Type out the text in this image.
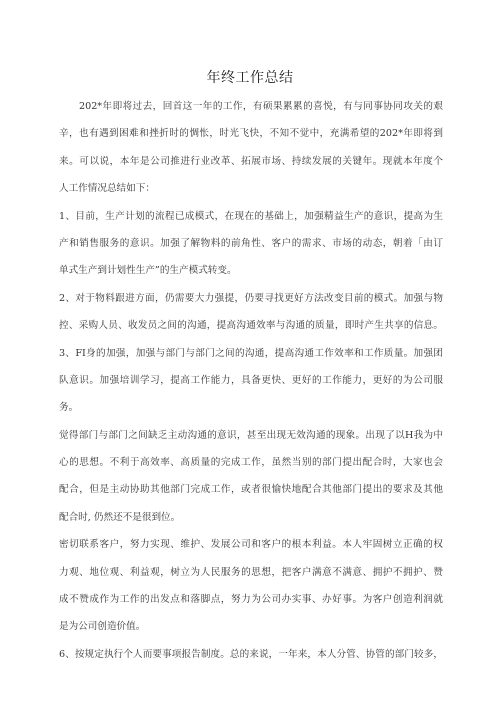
年终工作总结
202*年即将过去，回首这一年的工作，有硕果累累的喜悦，有与同事协同攻关的艰
辛，也有遇到困难和挫折时的惆怅，时光飞快，不知不觉中，充满希望的202*年即将到
来。可以说，本年是公司推进行业改革、拓展市场、持续发展的关键年。现就本年度个
人工作情况总结如下：
1、目前，生产计划的流程已成模式，在现在的基础上，加强精益生产的意识，提高为生
产和销售服务的意识。加强了解物料的前角性、客户的需求、市场的动态，朝着「由订
单式生产到计划性生产”的生产模式转变。
2、对于物料跟进方面，仍需要大力强提，仍要寻找更好方法改变目前的模式。加强与物
控、采购人员、收发员之间的沟通，提高沟通效率与沟通的质量，即时产生共享的信息。
3、FI身的加强，加强与部门与部门之间的沟通，提高沟通工作效率和工作质量。加强团
队意识。加强培训学习，提高工作能力，具备更快、更好的工作能力，更好的为公司服
务。
觉得部门与部门之间缺乏主动沟通的意识，甚至出现无效沟通的现象。出现了以H我为中
心的思想。不利于高效率、高质量的完成工作，虽然当别的部门提出配合时，大家也会
配合，但是主动协助其他部门完成工作，或者很愉快地配合其他部门提出的要求及其他
配合时, 仍然还不是很到位。
密切联系客户，努力实现、维护、发展公司和客户的根本利益。本人牢固树立正确的权
力观、地位观、利益观，树立为人民服务的思想，把客户满意不满意、拥护不拥护、赞
成不赞成作为工作的出发点和落脚点，努力为公司办实事、办好事。为客户创造利润就
是为公司创造价值。
6、按规定执行个人而要事项报告制度。总的来说，一年来，本人分管、协管的部门较多，
